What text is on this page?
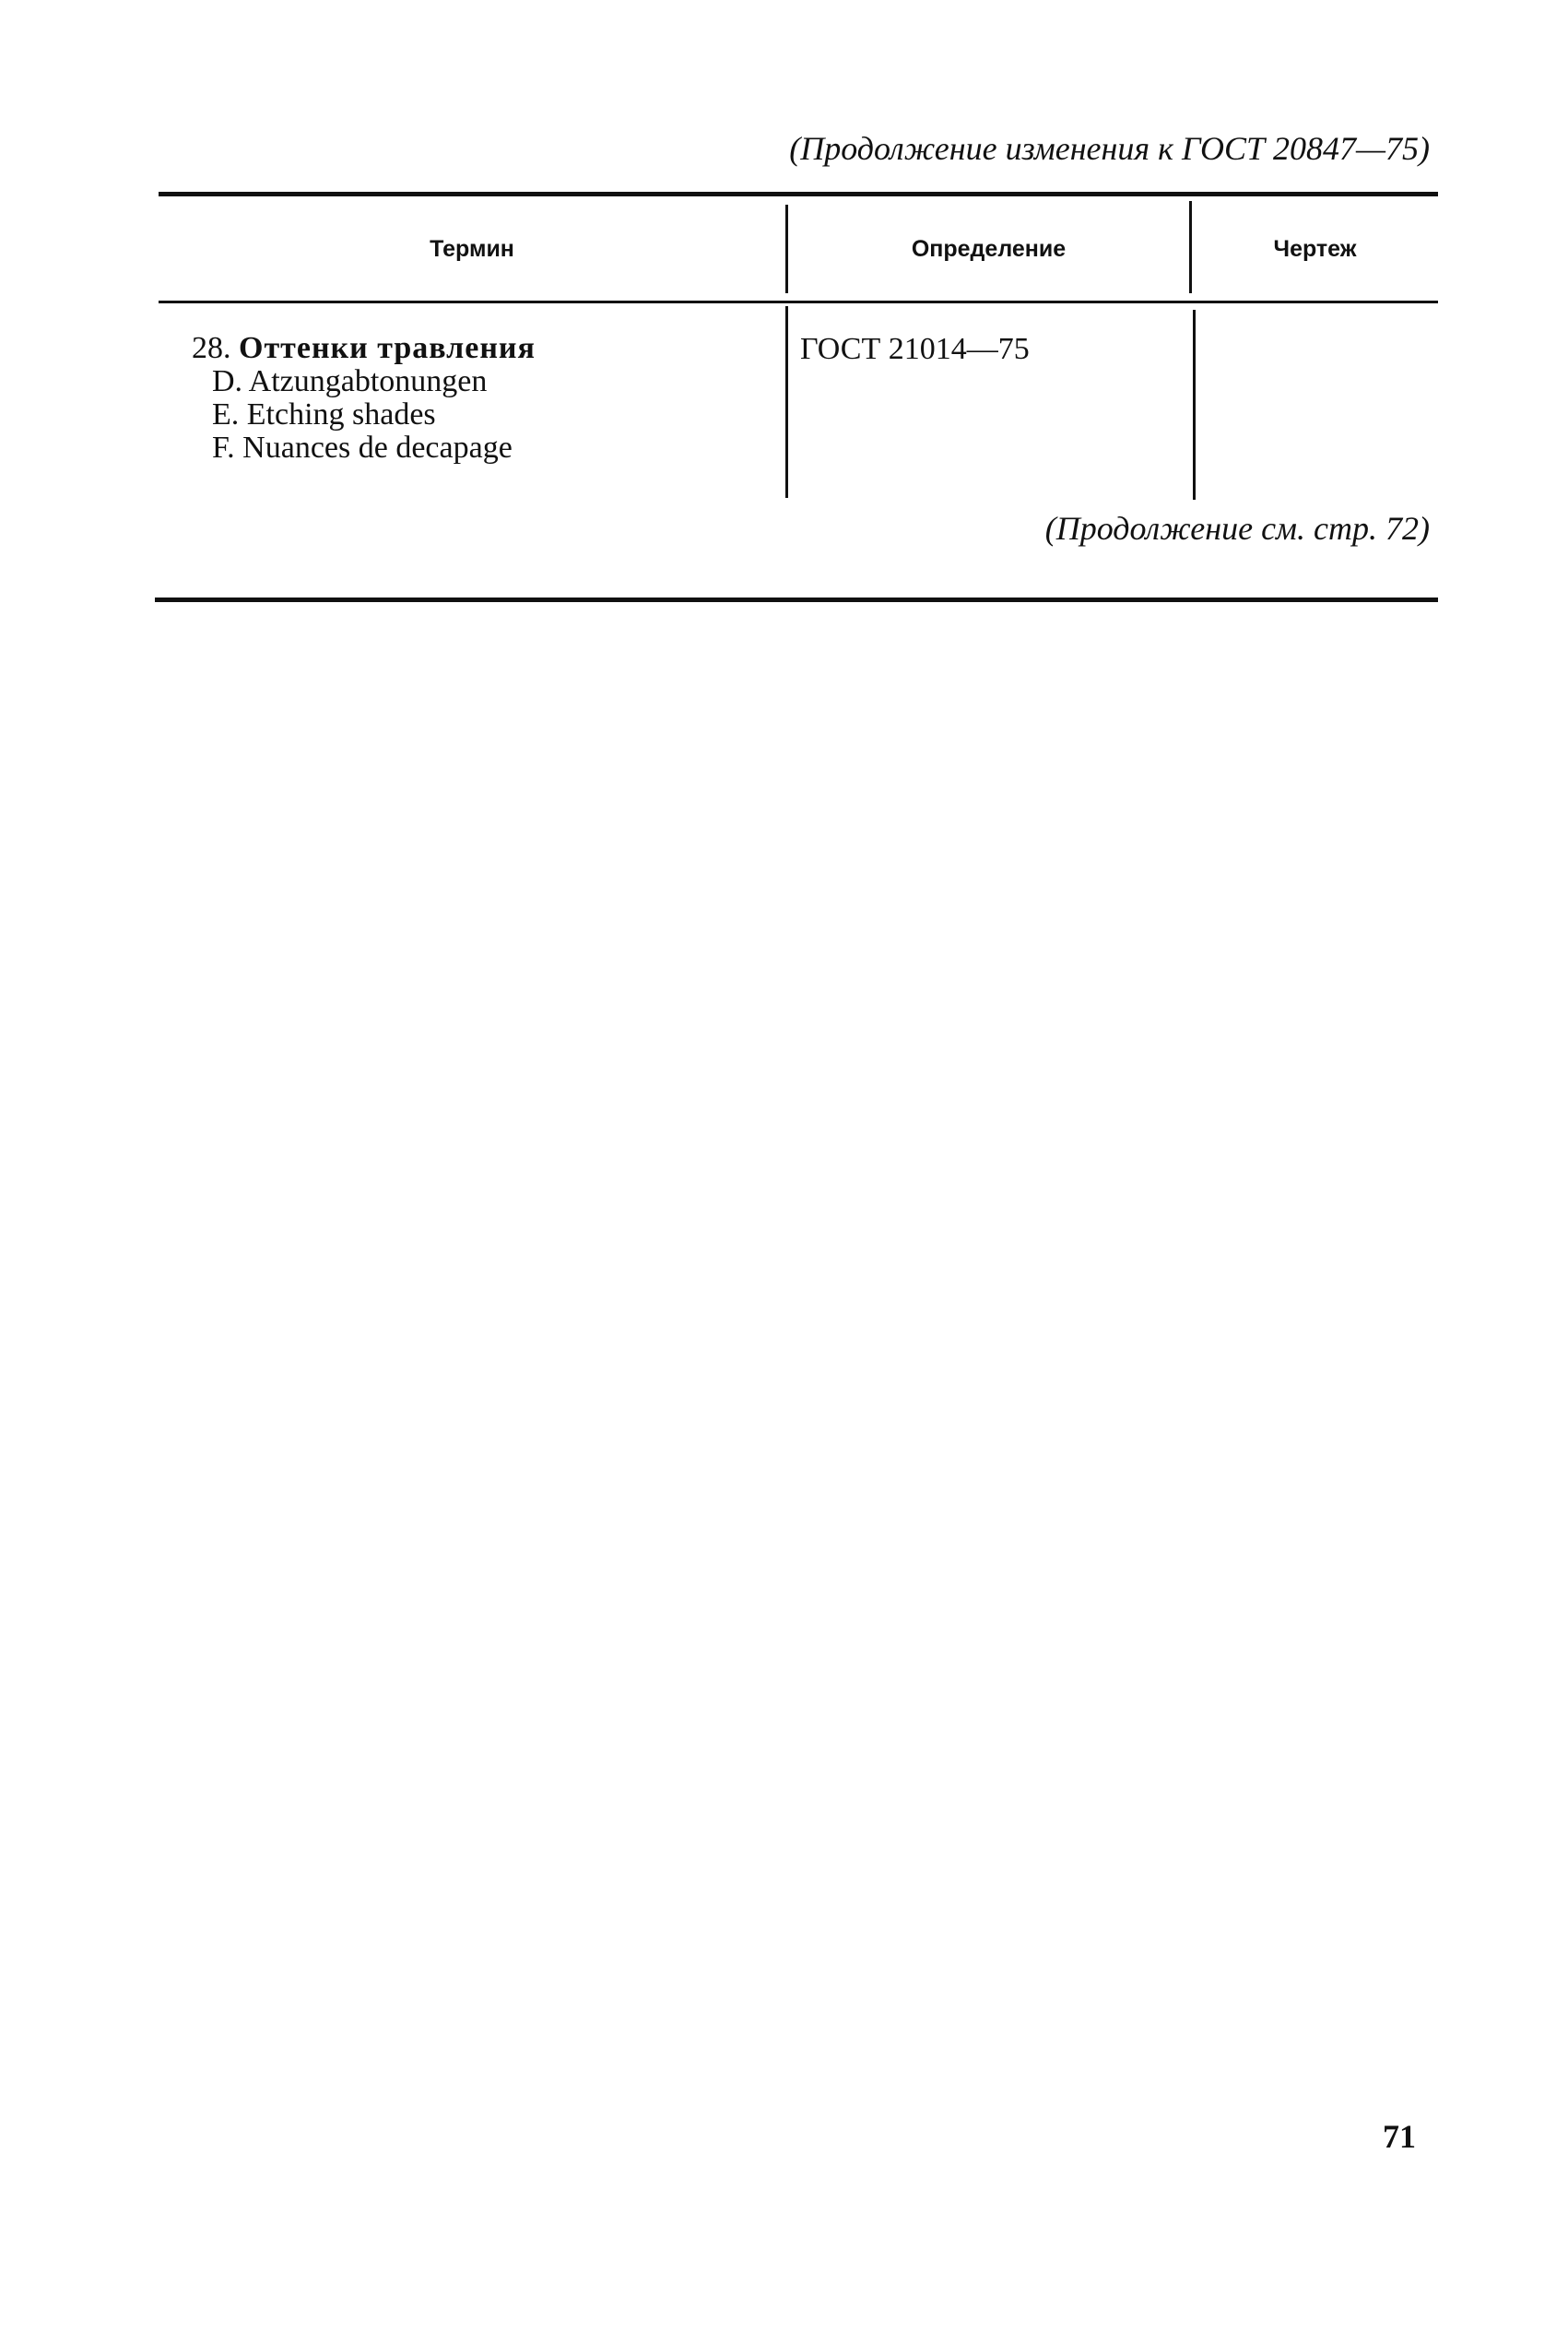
(Продолжение изменения к ГОСТ 20847—75)
Термин	Определение	Чертеж
28. Оттенки травления
D. Atzungabtonungen
E. Etching shades
F. Nuances de decapage
ГОСТ 21014—75
(Продолжение см. стр. 72)
71
